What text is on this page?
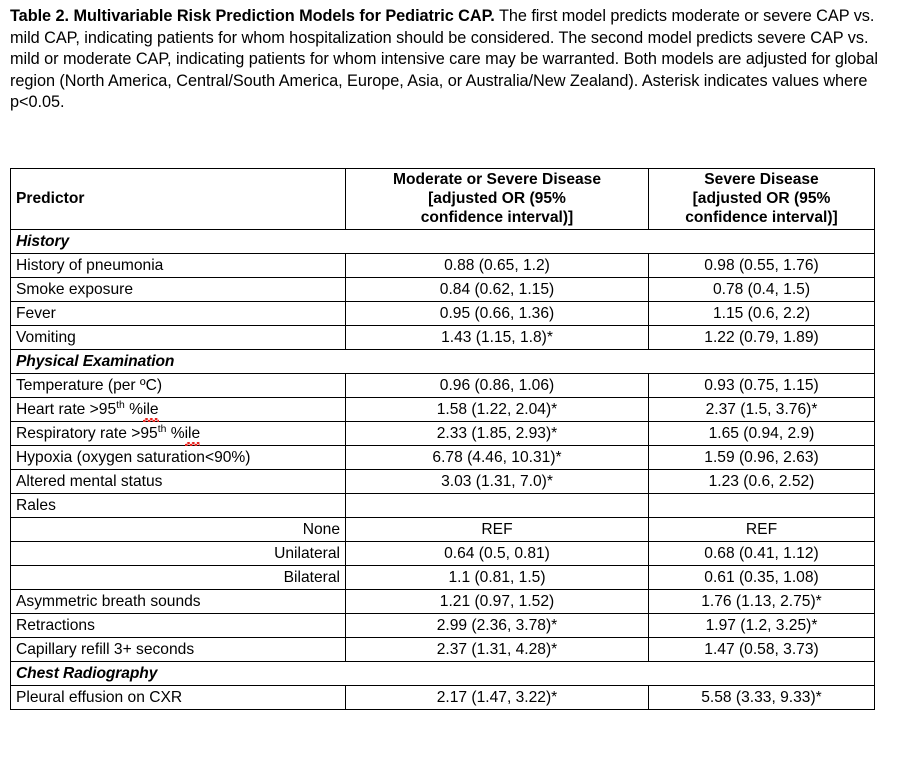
Table 2. Multivariable Risk Prediction Models for Pediatric CAP. The first model predicts moderate or severe CAP vs. mild CAP, indicating patients for whom hospitalization should be considered. The second model predicts severe CAP vs. mild or moderate CAP, indicating patients for whom intensive care may be warranted. Both models are adjusted for global region (North America, Central/South America, Europe, Asia, or Australia/New Zealand). Asterisk indicates values where p<0.05.
Predictor	Moderate or Severe Disease
[adjusted OR (95%
confidence interval)]	Severe Disease
[adjusted OR (95%
confidence interval)]
History		
History of pneumonia	0.88 (0.65, 1.2)	0.98 (0.55, 1.76)
Smoke exposure	0.84 (0.62, 1.15)	0.78 (0.4, 1.5)
Fever	0.95 (0.66, 1.36)	1.15 (0.6, 2.2)
Vomiting	1.43 (1.15, 1.8)*	1.22 (0.79, 1.89)
Physical Examination		
Temperature (per ºC)	0.96 (0.86, 1.06)	0.93 (0.75, 1.15)
Heart rate >95th %ile	1.58 (1.22, 2.04)*	2.37 (1.5, 3.76)*
Respiratory rate >95th %ile	2.33 (1.85, 2.93)*	1.65 (0.94, 2.9)
Hypoxia (oxygen saturation<90%)	6.78 (4.46, 10.31)*	1.59 (0.96, 2.63)
Altered mental status	3.03 (1.31, 7.0)*	1.23 (0.6, 2.52)
Rales		
None	REF	REF
Unilateral	0.64 (0.5, 0.81)	0.68 (0.41, 1.12)
Bilateral	1.1 (0.81, 1.5)	0.61 (0.35, 1.08)
Asymmetric breath sounds	1.21 (0.97, 1.52)	1.76 (1.13, 2.75)*
Retractions	2.99 (2.36, 3.78)*	1.97 (1.2, 3.25)*
Capillary refill 3+ seconds	2.37 (1.31, 4.28)*	1.47 (0.58, 3.73)
Chest Radiography		
Pleural effusion on CXR	2.17 (1.47, 3.22)*	5.58 (3.33, 9.33)*
